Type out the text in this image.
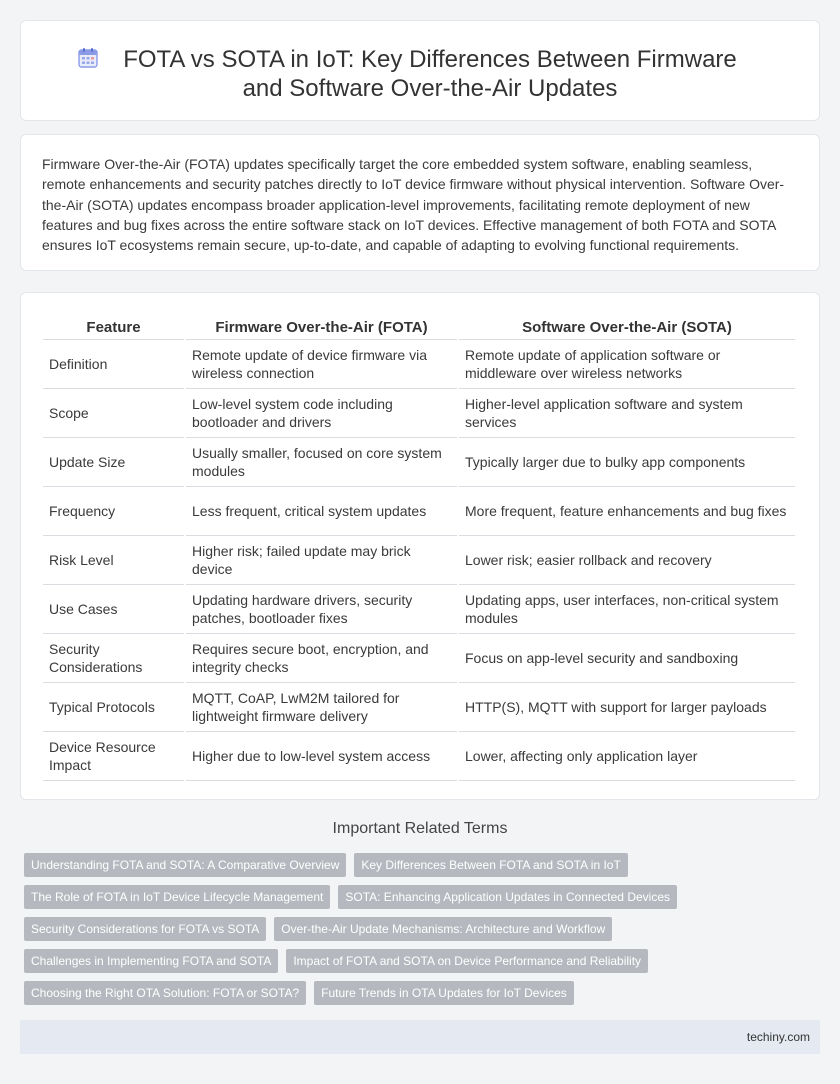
FOTA vs SOTA in IoT: Key Differences Between Firmware and Software Over-the-Air Updates

Firmware Over-the-Air (FOTA) updates specifically target the core embedded system software, enabling seamless, remote enhancements and security patches directly to IoT device firmware without physical intervention. Software Over-the-Air (SOTA) updates encompass broader application-level improvements, facilitating remote deployment of new features and bug fixes across the entire software stack on IoT devices. Effective management of both FOTA and SOTA ensures IoT ecosystems remain secure, up-to-date, and capable of adapting to evolving functional requirements.

Feature	Firmware Over-the-Air (FOTA)	Software Over-the-Air (SOTA)
Definition	Remote update of device firmware via wireless connection	Remote update of application software or middleware over wireless networks
Scope	Low-level system code including bootloader and drivers	Higher-level application software and system services
Update Size	Usually smaller, focused on core system modules	Typically larger due to bulky app components
Frequency	Less frequent, critical system updates	More frequent, feature enhancements and bug fixes
Risk Level	Higher risk; failed update may brick device	Lower risk; easier rollback and recovery
Use Cases	Updating hardware drivers, security patches, bootloader fixes	Updating apps, user interfaces, non-critical system modules
Security Considerations	Requires secure boot, encryption, and integrity checks	Focus on app-level security and sandboxing
Typical Protocols	MQTT, CoAP, LwM2M tailored for lightweight firmware delivery	HTTP(S), MQTT with support for larger payloads
Device Resource Impact	Higher due to low-level system access	Lower, affecting only application layer
Important Related Terms
Understanding FOTA and SOTA: A Comparative Overview	Key Differences Between FOTA and SOTA in IoT
The Role of FOTA in IoT Device Lifecycle Management	SOTA: Enhancing Application Updates in Connected Devices
Security Considerations for FOTA vs SOTA	Over-the-Air Update Mechanisms: Architecture and Workflow
Challenges in Implementing FOTA and SOTA	Impact of FOTA and SOTA on Device Performance and Reliability
Choosing the Right OTA Solution: FOTA or SOTA?	Future Trends in OTA Updates for IoT Devices
techiny.com
